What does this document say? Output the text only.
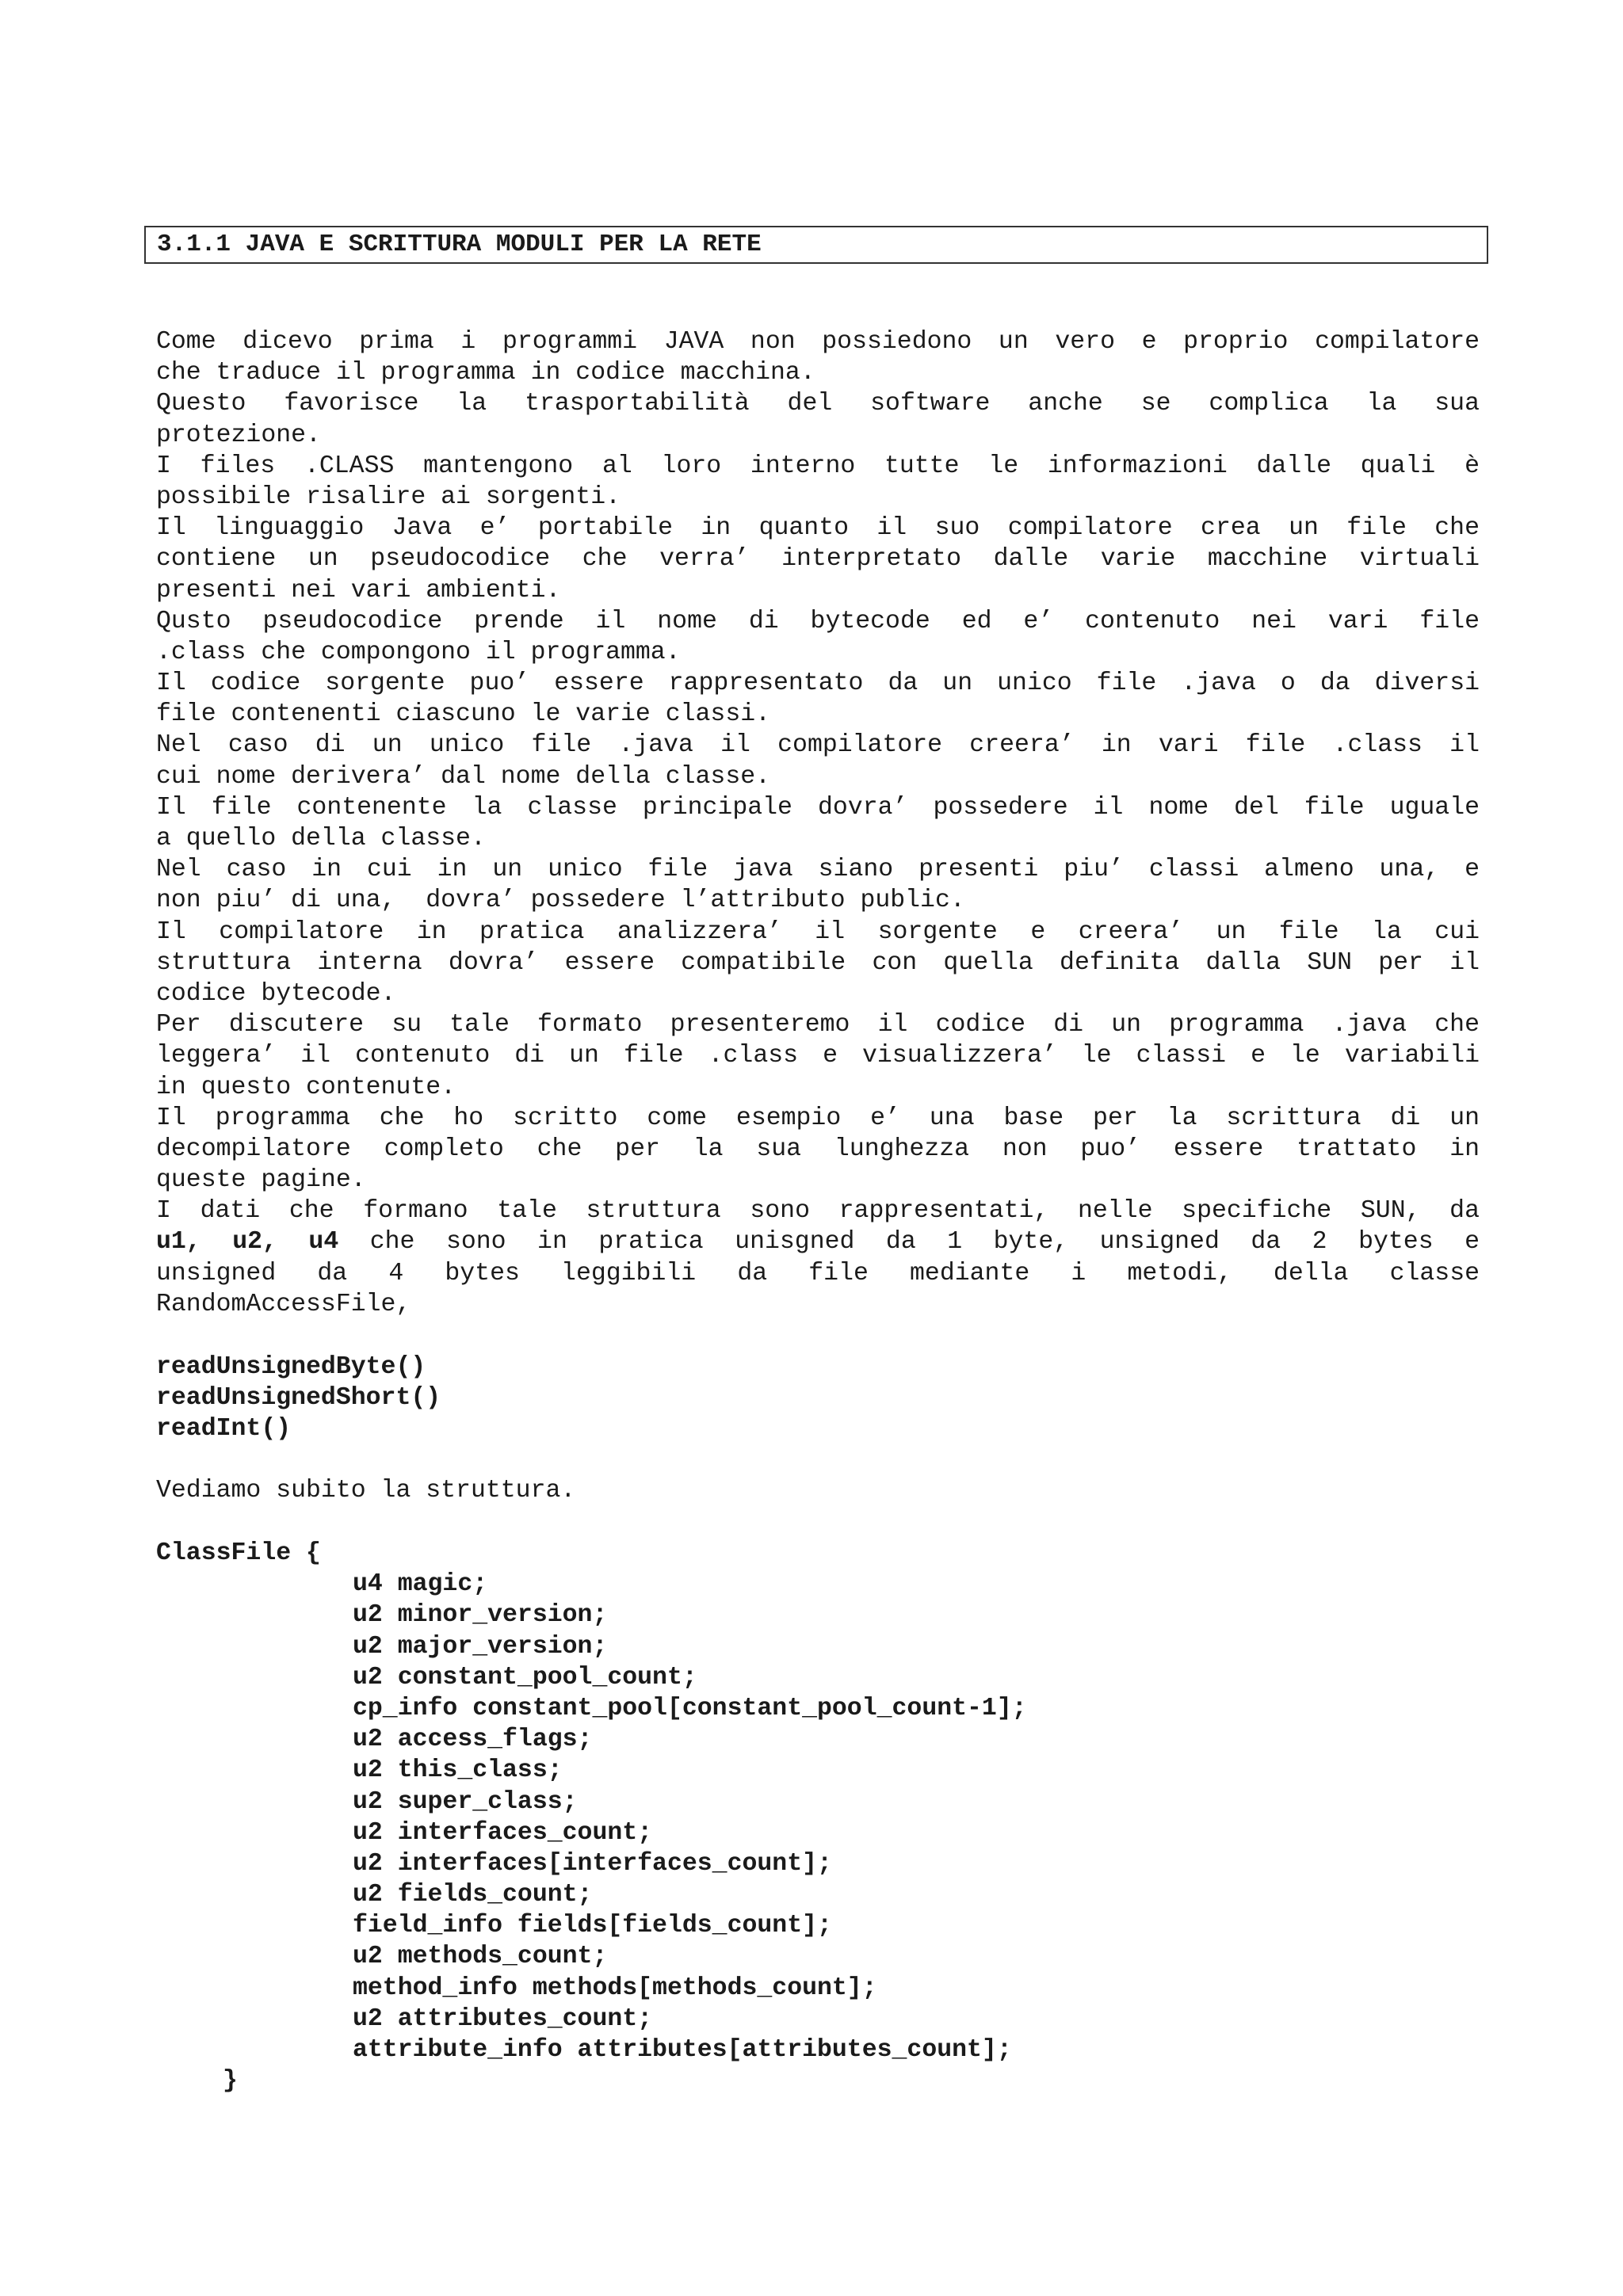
3.1.1 JAVA E SCRITTURA MODULI PER LA RETE
Come dicevo prima i programmi JAVA non possiedono un vero e proprio compilatore
che traduce il programma in codice macchina.
Questo favorisce la trasportabilità del software anche se complica la sua
protezione.
I files .CLASS mantengono al loro interno tutte le informazioni dalle quali è
possibile risalire ai sorgenti.
Il linguaggio Java e’ portabile in quanto il suo compilatore crea un file che
contiene un pseudocodice che verra’ interpretato dalle varie macchine virtuali
presenti nei vari ambienti.
Qusto pseudocodice prende il nome di bytecode ed e’ contenuto nei vari file
.class che compongono il programma.
Il codice sorgente puo’ essere rappresentato da un unico file .java o da diversi
file contenenti ciascuno le varie classi.
Nel caso di un unico file .java il compilatore creera’ in vari file .class il
cui nome derivera’ dal nome della classe.
Il file contenente la classe principale dovra’ possedere il nome del file uguale
a quello della classe.
Nel caso in cui in un unico file java siano presenti piu’ classi almeno una, e
non piu’ di una,  dovra’ possedere l’attributo public.
Il compilatore in pratica analizzera’ il sorgente e creera’ un file la cui
struttura interna dovra’ essere compatibile con quella definita dalla SUN per il
codice bytecode.
Per discutere su tale formato presenteremo il codice di un programma .java che
leggera’ il contenuto di un file .class e visualizzera’ le classi e le variabili
in questo contenute.
Il programma che ho scritto come esempio e’ una base per la scrittura di un
decompilatore completo che per la sua lunghezza non puo’ essere trattato in
queste pagine.
I dati che formano tale struttura sono rappresentati, nelle specifiche SUN, da
u1, u2, u4 che sono in pratica unisgned da 1 byte, unsigned da 2 bytes e
unsigned da 4 bytes leggibili da file mediante i metodi, della classe
RandomAccessFile,
readUnsignedByte()
readUnsignedShort()
readInt()
Vediamo subito la struttura.
ClassFile {
u4 magic;
u2 minor_version;
u2 major_version;
u2 constant_pool_count;
cp_info constant_pool[constant_pool_count-1];
u2 access_flags;
u2 this_class;
u2 super_class;
u2 interfaces_count;
u2 interfaces[interfaces_count];
u2 fields_count;
field_info fields[fields_count];
u2 methods_count;
method_info methods[methods_count];
u2 attributes_count;
attribute_info attributes[attributes_count];
}
